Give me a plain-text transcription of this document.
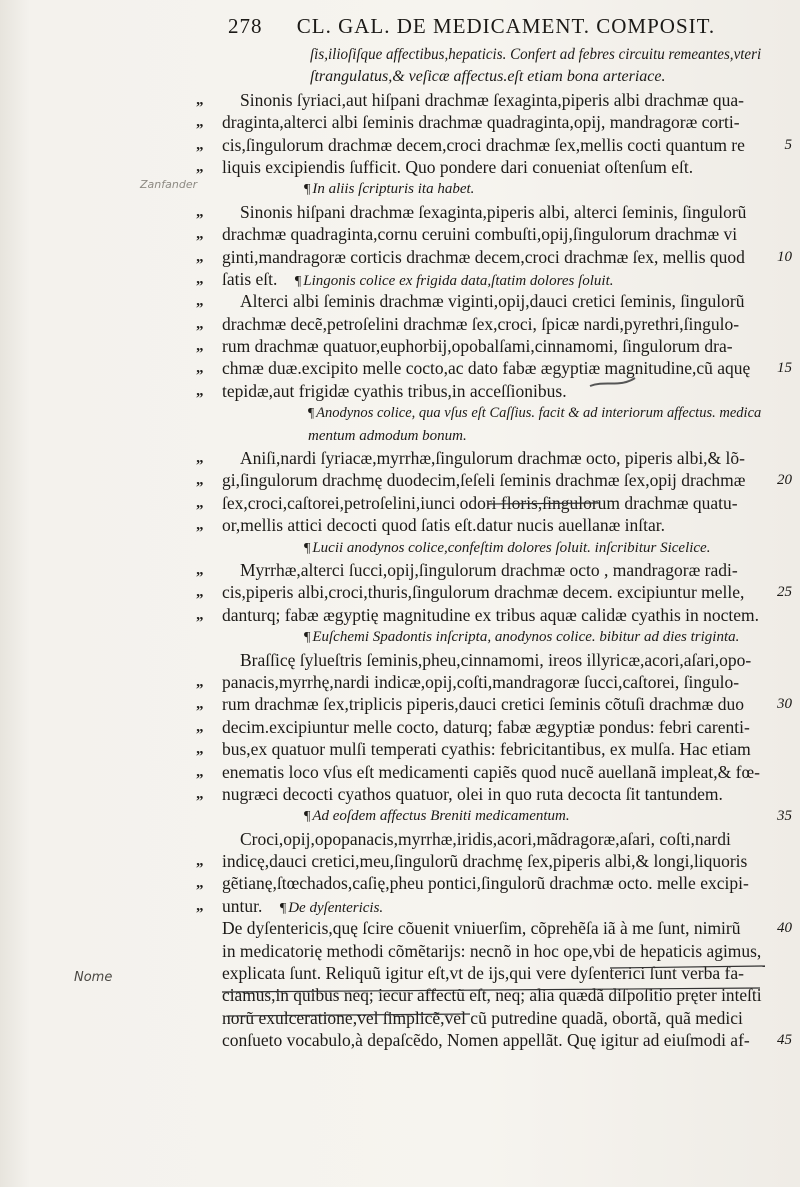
278 CL. GAL. DE MEDICAMENT. COMPOSIT.
ſis,ilioſiſque affectibus,hepaticis. Confert ad febres circuitu remeantes,vteri
ſtrangulatus,& veſicæ affectus.eſt etiam bona arteriace.
„	Sinonis ſyriaci,aut hiſpani drachmæ ſexaginta,piperis albi drachmæ qua-
„	draginta,alterci albi ſeminis drachmæ quadraginta,opij, mandragoræ corti-
„	cis,ſingulorum drachmæ decem,croci drachmæ ſex,mellis cocti quantum re	5
„	liquis excipiendis ſufficit. Quo pondere dari conueniat oſtenſum eſt.
¶ In aliis ſcripturis ita habet.
„	Sinonis hiſpani drachmæ ſexaginta,piperis albi, alterci ſeminis, ſingulorũ
„	drachmæ quadraginta,cornu ceruini combuſti,opij,ſingulorum drachmæ vi
„	ginti,mandragoræ corticis drachmæ decem,croci drachmæ ſex, mellis quod 10
„	ſatis eſt.  ¶ Lingonis colice ex frigida data,ſtatim dolores ſoluit.
„	Alterci albi ſeminis drachmæ viginti,opij,dauci cretici ſeminis, ſingulorũ
„	drachmæ decẽ,petroſelini drachmæ ſex,croci, ſpicæ nardi,pyrethri,ſingulo-
„	rum drachmæ quatuor,euphorbij,opobalſami,cinnamomi, ſingulorum dra-
„	chmæ duæ.excipito melle cocto,ac dato fabæ ægyptiæ magnitudine,cũ aquę 15
„	tepidæ,aut frigidæ cyathis tribus,in acceſſionibus.
¶ Anodynos colice, qua vſus eſt Caſſius. facit & ad interiorum affectus. medica
mentum admodum bonum.
„	Aniſi,nardi ſyriacæ,myrrhæ,ſingulorum drachmæ octo, piperis albi,& lõ-
„	gi,ſingulorum drachmę duodecim,ſeſeli ſeminis drachmæ ſex,opij drachmæ 20
„	ſex,croci,caſtorei,petroſelini,iunci odori floris,ſingulorum drachmæ quatu-
„	or,mellis attici decocti quod ſatis eſt.datur nucis auellanæ inſtar.
¶ Lucii anodynos colice,confeſtim dolores ſoluit. inſcribitur Sicelice.
„	Myrrhæ,alterci ſucci,opij,ſingulorum drachmæ octo , mandragoræ radi-
„	cis,piperis albi,croci,thuris,ſingulorum drachmæ decem. excipiuntur melle, 25
„	danturq; fabæ ægyptię magnitudine ex tribus aquæ calidæ cyathis in noctem.
¶ Euſchemi Spadontis inſcripta, anodynos colice. bibitur ad dies triginta.
Braſſicę ſylueſtris ſeminis,pheu,cinnamomi, ireos illyricæ,acori,aſari,opo-
„	panacis,myrrhę,nardi indicæ,opij,coſti,mandragoræ ſucci,caſtorei, ſingulo-
„	rum drachmæ ſex,triplicis piperis,dauci cretici ſeminis cõtuſi drachmæ duo 30
„	decim.excipiuntur melle cocto, daturq; fabæ ægyptiæ pondus: febri carenti-
„	bus,ex quatuor mulſi temperati cyathis: febricitantibus, ex mulſa. Hac etiam
„	enematis loco vſus eſt medicamenti capiẽs quod nucẽ auellanã impleat,& fœ-
„	nugræci decocti cyathos quatuor, olei in quo ruta decocta ſit tantundem.
¶ Ad eoſdem affectus Breniti medicamentum.	35
Croci,opij,opopanacis,myrrhæ,iridis,acori,mãdragoræ,aſari, coſti,nardi
„	indicę,dauci cretici,meu,ſingulorũ drachmę ſex,piperis albi,& longi,liquoris
„	gẽtianę,ſtœchados,caſię,pheu pontici,ſingulorũ drachmæ octo. melle excipi-
„	untur.  ¶ De dyſentericis.
De dyſentericis,quę ſcire cõuenit vniuerſim, cõprehẽſa iã à me ſunt, nimirũ 40
in medicatorię methodi cõmẽtarijs: necnõ in hoc ope,vbi de hepaticis agimus,
explicata ſunt. Reliquũ igitur eſt,vt de ijs,qui vere dyſenterici ſunt verba fa-
ciamus,in quibus neq; iecur affectũ eſt, neq; alia quædã diſpoſitio pręter inteſti
norũ exulceratione,vel ſimplicẽ,vel cũ putredine quadã, obortã, quã medici
conſueto vocabulo,à depaſcẽdo, Nomen appellãt. Quę igitur ad eiuſmodi af- 45
Zanfander
Nome
